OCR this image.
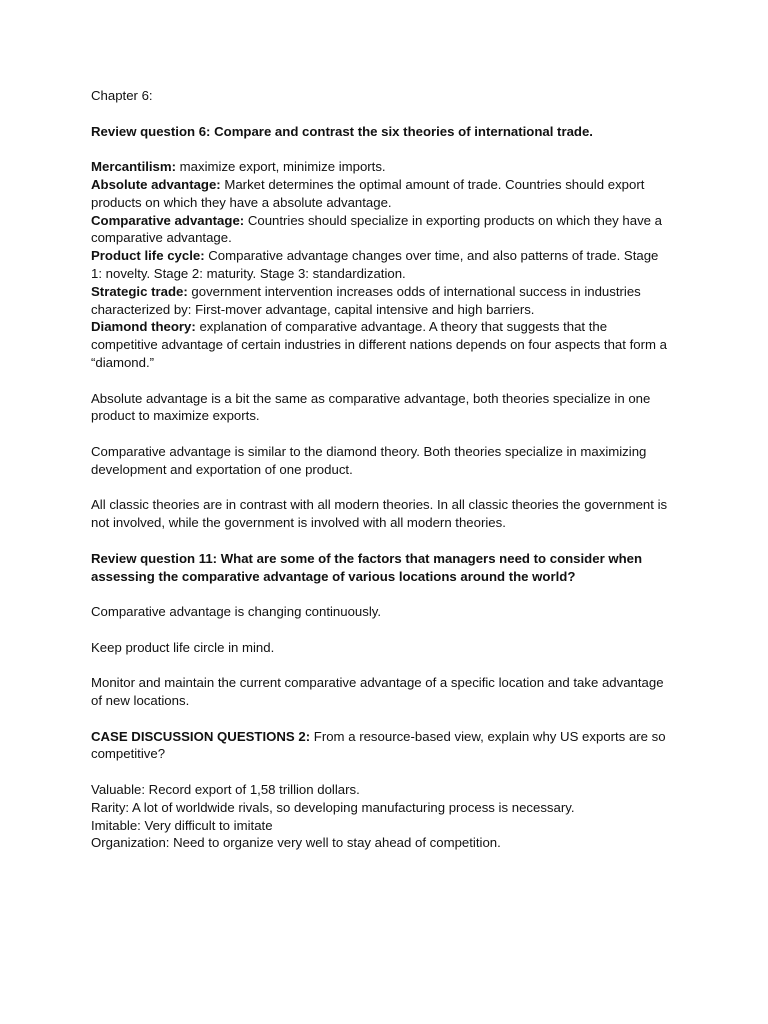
Chapter 6:

Review question 6: Compare and contrast the six theories of international trade.

Mercantilism: maximize export, minimize imports.

Absolute advantage: Market determines the optimal amount of trade. Countries should export products on which they have a absolute advantage.

Comparative advantage: Countries should specialize in exporting products on which they have a comparative advantage.

Product life cycle: Comparative advantage changes over time, and also patterns of trade. Stage 1: novelty. Stage 2: maturity. Stage 3: standardization.

Strategic trade: government intervention increases odds of international success in industries characterized by: First-mover advantage, capital intensive and high barriers.

Diamond theory: explanation of comparative advantage. A theory that suggests that the competitive advantage of certain industries in different nations depends on four aspects that form a “diamond.”

Absolute advantage is a bit the same as comparative advantage, both theories specialize in one product to maximize exports.

Comparative advantage is similar to the diamond theory. Both theories specialize in maximizing development and exportation of one product.

All classic theories are in contrast with all modern theories. In all classic theories the government is not involved, while the government is involved with all modern theories.

Review question 11: What are some of the factors that managers need to consider when assessing the comparative advantage of various locations around the world?

Comparative advantage is changing continuously.

Keep product life circle in mind.

Monitor and maintain the current comparative advantage of a specific location and take advantage of new locations.

CASE DISCUSSION QUESTIONS 2: From a resource-based view, explain why US exports are so competitive?

Valuable: Record export of 1,58 trillion dollars.

Rarity: A lot of worldwide rivals, so developing manufacturing process is necessary.

Imitable: Very difficult to imitate

Organization: Need to organize very well to stay ahead of competition.
